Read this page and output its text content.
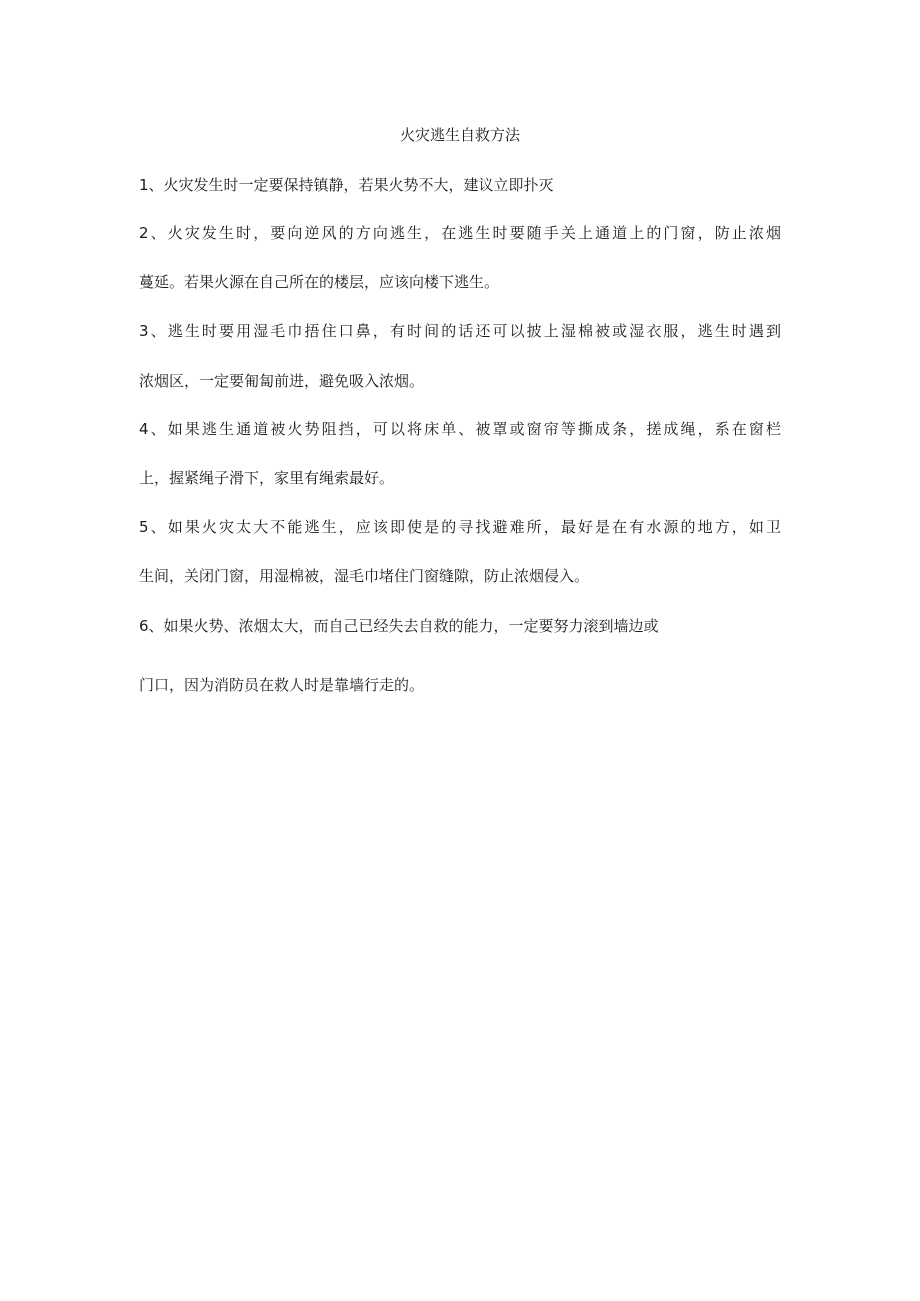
火灾逃生自救方法
1、火灾发生时一定要保持镇静，若果火势不大，建议立即扑灭
2、火灾发生时，要向逆风的方向逃生，在逃生时要随手关上通道上的门窗，防止浓烟
蔓延。若果火源在自己所在的楼层，应该向楼下逃生。
3、逃生时要用湿毛巾捂住口鼻，有时间的话还可以披上湿棉被或湿衣服，逃生时遇到
浓烟区，一定要匍匐前进，避免吸入浓烟。
4、如果逃生通道被火势阻挡，可以将床单、被罩或窗帘等撕成条，搓成绳，系在窗栏
上，握紧绳子滑下，家里有绳索最好。
5、如果火灾太大不能逃生，应该即使是的寻找避难所，最好是在有水源的地方，如卫
生间，关闭门窗，用湿棉被，湿毛巾堵住门窗缝隙，防止浓烟侵入。
6、如果火势、浓烟太大，而自己已经失去自救的能力，一定要努力滚到墙边或
门口，因为消防员在救人时是靠墙行走的。
